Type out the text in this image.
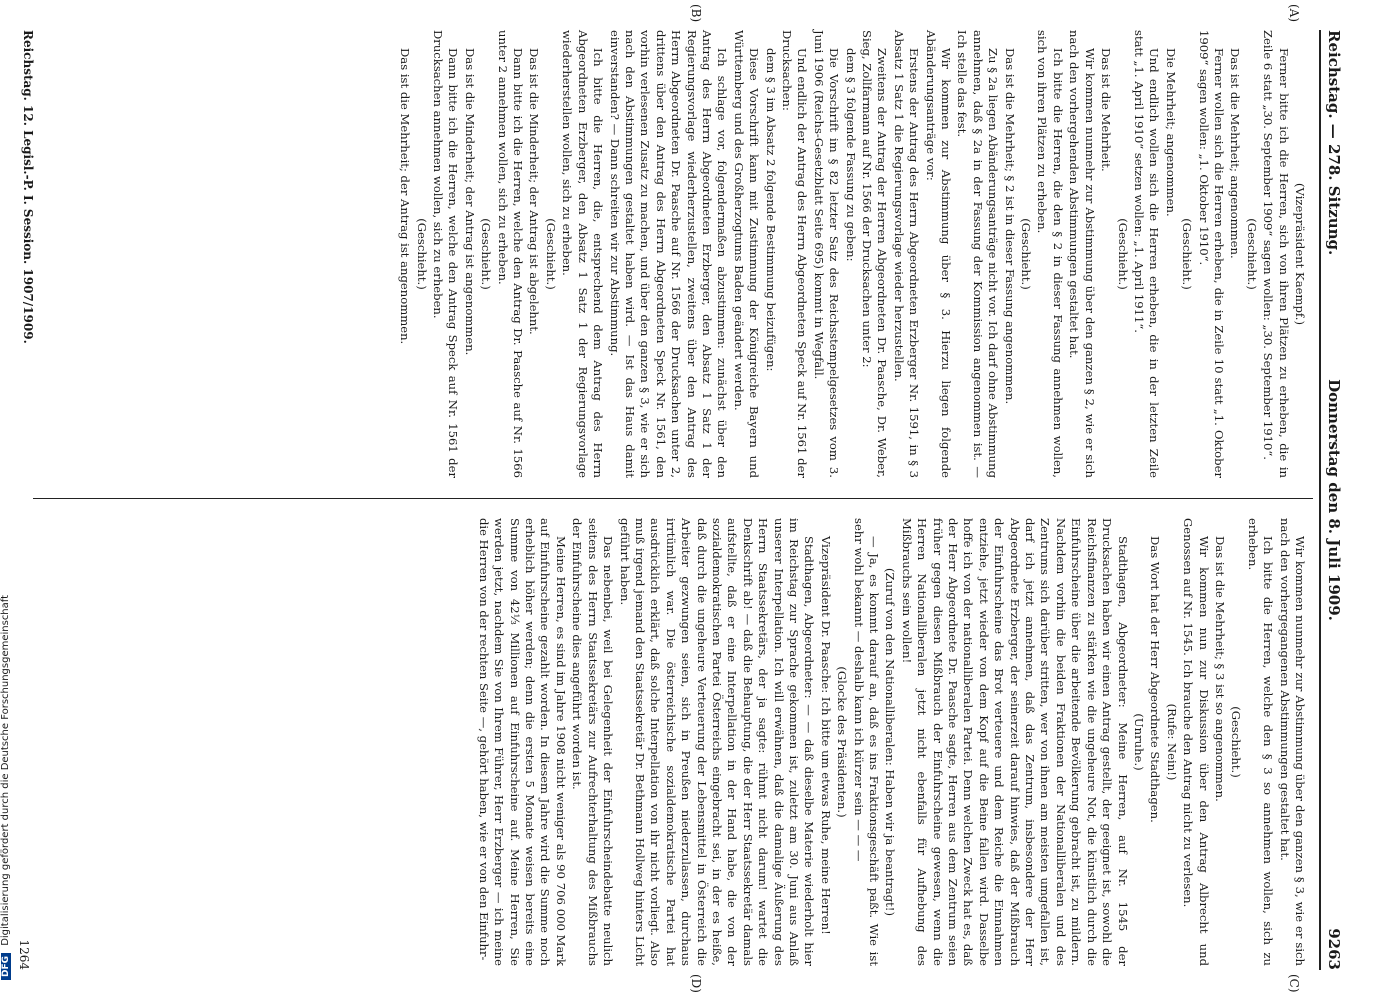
DFG Digitalisierung gefördert durch die Deutsche Forschungsgemeinschaft
Reichstag. — 278. Sitzung.
Donnerstag den 8. Juli 1909.
9263
(A)
(B)
(C)
(D)

(Vizepräsident Kaempf.)

Ferner bitte ich die Herren, sich von ihren Plätzen zu erheben, die in Zeile 6 statt „30. September 1909“ sagen wollen: „30. September 1910“.

(Geschieht.)

Das ist die Mehrheit; angenommen.

Ferner wollen sich die Herren erheben, die in Zeile 10 statt „1. Oktober 1909“ sagen wollen: „1. Oktober 1910“.

(Geschieht.)

Die Mehrheit; angenommen.

Und endlich wollen sich die Herren erheben, die in der letzten Zeile statt „1. April 1910“ setzen wollen: „1. April 1911“.

(Geschieht.)

Das ist die Mehrheit.

Wir kommen nunmehr zur Abstimmung über den ganzen § 2, wie er sich nach den vorhergehenden Abstimmungen gestaltet hat.

Ich bitte die Herren, die den § 2 in dieser Fassung annehmen wollen, sich von ihren Plätzen zu erheben.

(Geschieht.)

Das ist die Mehrheit; § 2 ist in dieser Fassung angenommen.

Zu § 2a liegen Abänderungsanträge nicht vor. Ich darf ohne Abstimmung annehmen, daß § 2a in der Fassung der Kommission angenommen ist. — Ich stelle das fest.

Wir kommen zur Abstimmung über § 3. Hierzu liegen folgende Abänderungsanträge vor:

Erstens der Antrag des Herrn Abgeordneten Erzberger Nr. 1591, in § 3 Absatz 1 Satz 1 die Regierungsvorlage wieder herzustellen.

Zweitens der Antrag der Herren Abgeordneten Dr. Paasche, Dr. Weber, Sieg, Zollfarmann auf Nr. 1566 der Drucksachen unter 2:

dem § 3 folgende Fassung zu geben:

Die Vorschrift im § 82 letzter Satz des Reichsstempelgesetzes vom 3. Juni 1906 (Reichs-Gesetzblatt Seite 695) kommt in Wegfall.

Und endlich der Antrag des Herrn Abgeordneten Speck auf Nr. 1561 der Drucksachen:

dem § 3 im Absatz 2 folgende Bestimmung beizufügen:

Diese Vorschrift kann mit Zustimmung der Königreiche Bayern und Württemberg und des Großherzogtums Baden geändert werden.

Ich schlage vor, folgendermaßen abzustimmen: zunächst über den Antrag des Herrn Abgeordneten Erzberger, den Absatz 1 Satz 1 der Regierungsvorlage wiederherzustellen, zweitens über den Antrag des Herrn Abgeordneten Dr. Paasche auf Nr. 1566 der Drucksachen unter 2, drittens über den Antrag des Herrn Abgeordneten Speck Nr. 1561, den vorhin verlesenen Zusatz zu machen, und über den ganzen § 3, wie er sich nach den Abstimmungen gestaltet haben wird. — Ist das Haus damit einverstanden? — Dann schreiten wir zur Abstimmung.

Ich bitte die Herren, die, entsprechend dem Antrag des Herrn Abgeordneten Erzberger, den Absatz 1 Satz 1 der Regierungsvorlage wiederherstellen wollen, sich zu erheben.

(Geschieht.)

Das ist die Minderheit; der Antrag ist abgelehnt.

Dann bitte ich die Herren, welche den Antrag Dr. Paasche auf Nr. 1566 unter 2 annehmen wollen, sich zu erheben.

(Geschieht.)

Das ist die Minderheit; der Antrag ist angenommen.

Dann bitte ich die Herren, welche den Antrag Speck auf Nr. 1561 der Drucksachen annehmen wollen, sich zu erheben.

(Geschieht.)

Das ist die Mehrheit; der Antrag ist angenommen.

Wir kommen nunmehr zur Abstimmung über den ganzen § 3, wie er sich nach den vorhergegangenen Abstimmungen gestaltet hat.

Ich bitte die Herren, welche den § 3 so annehmen wollen, sich zu erheben.

(Geschieht.)

Das ist die Mehrheit; § 3 ist so angenommen.

Wir kommen nun zur Diskussion über den Antrag Albrecht und Genossen auf Nr. 1545. Ich brauche den Antrag nicht zu verlesen.

(Rufe: Nein!)

Das Wort hat der Herr Abgeordnete Stadthagen.

(Unruhe.)

Stadthagen, Abgeordneter: Meine Herren, auf Nr. 1545 der Drucksachen haben wir einen Antrag gestellt, der geeignet ist, sowohl die Reichsfinanzen zu stärken wie die ungeheure Not, die künstlich durch die Einfuhrscheine über die arbeitende Bevölkerung gebracht ist, zu mildern. Nachdem vorhin die beiden Fraktionen der Nationalliberalen und des Zentrums sich darüber stritten, wer von ihnen am meisten umgefallen ist, darf ich jetzt annehmen, daß das Zentrum, insbesondere der Herr Abgeordnete Erzberger, der seinerzeit darauf hinwies, daß der Mißbrauch der Einfuhrscheine das Brot verteuere und dem Reiche die Einnahmen entziehe, jetzt wieder von dem Kopf auf die Beine fallen wird. Dasselbe hoffe ich von der nationalliberalen Partei. Denn welchen Zweck hat es, daß der Herr Abgeordnete Dr. Paasche sagte, Herren aus dem Zentrum seien früher gegen diesen Mißbrauch der Einfuhrscheine gewesen, wenn die Herren Nationalliberalen jetzt nicht ebenfalls für Aufhebung des Mißbrauchs sein wollen!

(Zuruf von den Nationalliberalen: Haben wir ja beantragt!)

— Ja, es kommt darauf an, daß es ins Fraktionsgeschäft paßt. Wie ist sehr wohl bekannt — deshalb kann ich kürzer sein — — —

(Glocke des Präsidenten.)

Vizepräsident Dr. Paasche: Ich bitte um etwas Ruhe, meine Herren!

Stadthagen, Abgeordneter: — — daß dieselbe Materie wiederholt hier im Reichstag zur Sprache gekommen ist, zuletzt am 30. Juni aus Anlaß unserer Interpellation. Ich will erwähnen, daß die damalige Äußerung des Herrn Staatssekretärs, der ja sagte: rühmt nicht darum! wartet die Denkschrift ab! — daß die Behauptung, die der Herr Staatssekretär damals aufstellte, daß er eine Interpellation in der Hand habe, die von der sozialdemokratischen Partei Österreichs eingebracht sei, in der es heiße, daß durch die ungeheure Verteuerung der Lebensmittel in Österreich die Arbeiter gezwungen seien, sich in Preußen niederzulassen, durchaus irrtümlich war. Die österreichische sozialdemokratische Partei hat ausdrücklich erklärt, daß solche Interpellation von ihr nicht vorliegt. Also muß irgend jemand den Staatssekretär Dr. Bethmann Hollweg hinters Licht geführt haben.

Das nebenbei, weil bei Gelegenheit der Einfuhrscheindebatte neulich seitens des Herrn Staatssekretärs zur Aufrechterhaltung des Mißbrauchs der Einfuhrscheine dies angeführt worden ist.

Meine Herren, es sind im Jahre 1908 nicht weniger als 90 706 000 Mark auf Einfuhrscheine gezahlt worden. In diesem Jahre wird die Summe noch erheblich höher werden; denn die ersten 5 Monate weisen bereits eine Summe von 42⅓ Millionen auf Einfuhrscheine auf. Meine Herren, Sie werden jetzt, nachdem Sie von Ihrem Führer, Herr Erzberger — ich meine die Herren von der rechten Seite —, gehört haben, wie er von den Einfuhr-

Reichstag. 12. Legisl.-P. I. Session. 1907/1909.
1264
